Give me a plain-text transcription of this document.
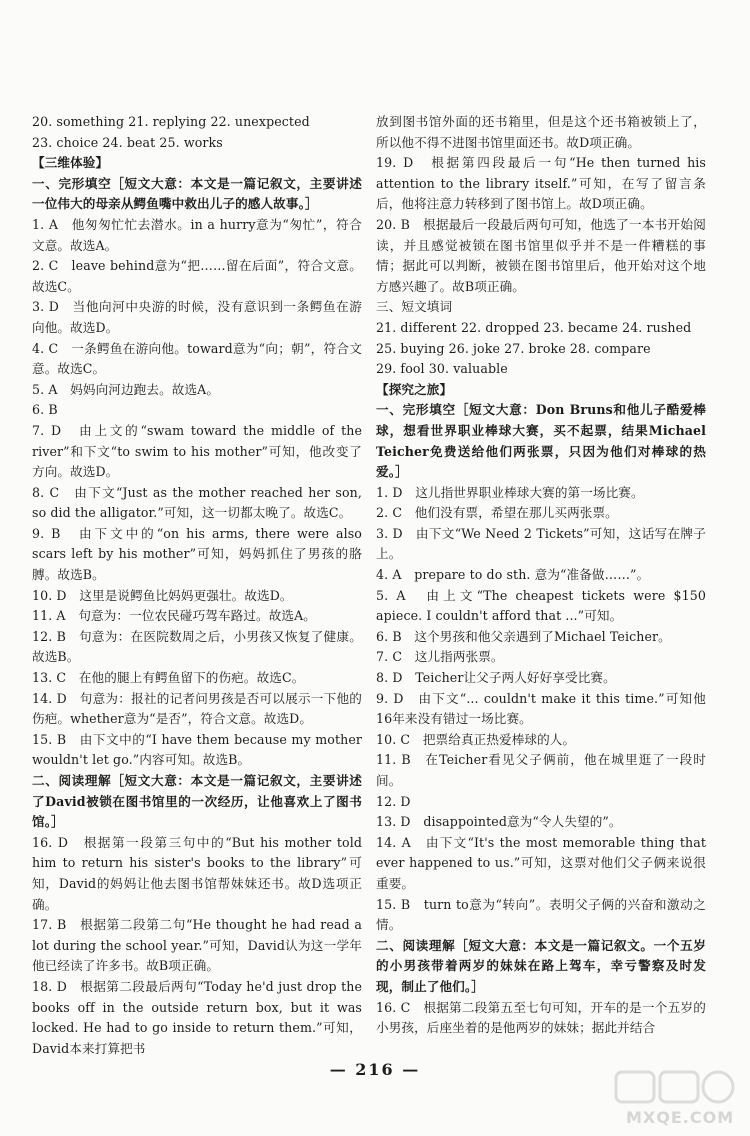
20. something 21. replying 22. unexpected

23. choice 24. beat 25. works

【三维体验】

一、完形填空［短文大意：本文是一篇记叙文，主要讲述一位伟大的母亲从鳄鱼嘴中救出儿子的感人故事。］

1. A　他匆匆忙忙去潜水。in a hurry意为“匆忙”，符合文意。故选A。

2. C　leave behind意为“把……留在后面”，符合文意。故选C。

3. D　当他向河中央游的时候，没有意识到一条鳄鱼在游向他。故选D。

4. C　一条鳄鱼在游向他。toward意为“向；朝”，符合文意。故选C。

5. A　妈妈向河边跑去。故选A。

6. B

7. D　由上文的“swam toward the middle of the river”和下文“to swim to his mother”可知，他改变了方向。故选D。

8. C　由下文“Just as the mother reached her son, so did the alligator.”可知，这一切都太晚了。故选C。

9. B　由下文中的“on his arms, there were also scars left by his mother”可知，妈妈抓住了男孩的胳膊。故选B。

10. D　这里是说鳄鱼比妈妈更强壮。故选D。

11. A　句意为：一位农民碰巧驾车路过。故选A。

12. B　句意为：在医院数周之后，小男孩又恢复了健康。故选B。

13. C　在他的腿上有鳄鱼留下的伤疤。故选C。

14. D　句意为：报社的记者问男孩是否可以展示一下他的伤疤。whether意为“是否”，符合文意。故选D。

15. B　由下文中的“I have them because my mother wouldn't let go.”内容可知。故选B。

二、阅读理解［短文大意：本文是一篇记叙文，主要讲述了David被锁在图书馆里的一次经历，让他喜欢上了图书馆。］

16. D　根据第一段第三句中的“But his mother told him to return his sister's books to the library”可知，David的妈妈让他去图书馆帮妹妹还书。故D选项正确。

17. B　根据第二段第二句“He thought he had read a lot during the school year.”可知，David认为这一学年他已经读了许多书。故B项正确。

18. D　根据第二段最后两句“Today he'd just drop the books off in the outside return box, but it was locked. He had to go inside to return them.”可知，David本来打算把书

放到图书馆外面的还书箱里，但是这个还书箱被锁上了，所以他不得不进图书馆里面还书。故D项正确。

19. D　根据第四段最后一句“He then turned his attention to the library itself.”可知，在写了留言条后，他将注意力转移到了图书馆上。故D项正确。

20. B　根据最后一段最后两句可知，他选了一本书开始阅读，并且感觉被锁在图书馆里似乎并不是一件糟糕的事情；据此可以判断，被锁在图书馆里后，他开始对这个地方感兴趣了。故B项正确。

三、短文填词

21. different 22. dropped 23. became 24. rushed

25. buying 26. joke 27. broke 28. compare

29. fool 30. valuable

【探究之旅】

一、完形填空［短文大意：Don Bruns和他儿子酷爱棒球，想看世界职业棒球大赛，买不起票，结果Michael Teicher免费送给他们两张票，只因为他们对棒球的热爱。］

1. D　这儿指世界职业棒球大赛的第一场比赛。

2. C　他们没有票，希望在那儿买两张票。

3. D　由下文“We Need 2 Tickets”可知，这话写在牌子上。

4. A　prepare to do sth. 意为“准备做……”。

5. A　由上文“The cheapest tickets were $150 apiece. I couldn't afford that ...”可知。

6. B　这个男孩和他父亲遇到了Michael Teicher。

7. C　这儿指两张票。

8. D　Teicher让父子两人好好享受比赛。

9. D　由下文“... couldn't make it this time.”可知他16年来没有错过一场比赛。

10. C　把票给真正热爱棒球的人。

11. B　在Teicher看见父子俩前，他在城里逛了一段时间。

12. D

13. D　disappointed意为“令人失望的”。

14. A　由下文“It's the most memorable thing that ever happened to us.”可知，这票对他们父子俩来说很重要。

15. B　turn to意为“转向”。表明父子俩的兴奋和激动之情。

二、阅读理解［短文大意：本文是一篇记叙文。一个五岁的小男孩带着两岁的妹妹在路上驾车，幸亏警察及时发现，制止了他们。］

16. C　根据第二段第五至七句可知，开车的是一个五岁的小男孩，后座坐着的是他两岁的妹妹；据此并结合

— 216 —
MXQE.COM
